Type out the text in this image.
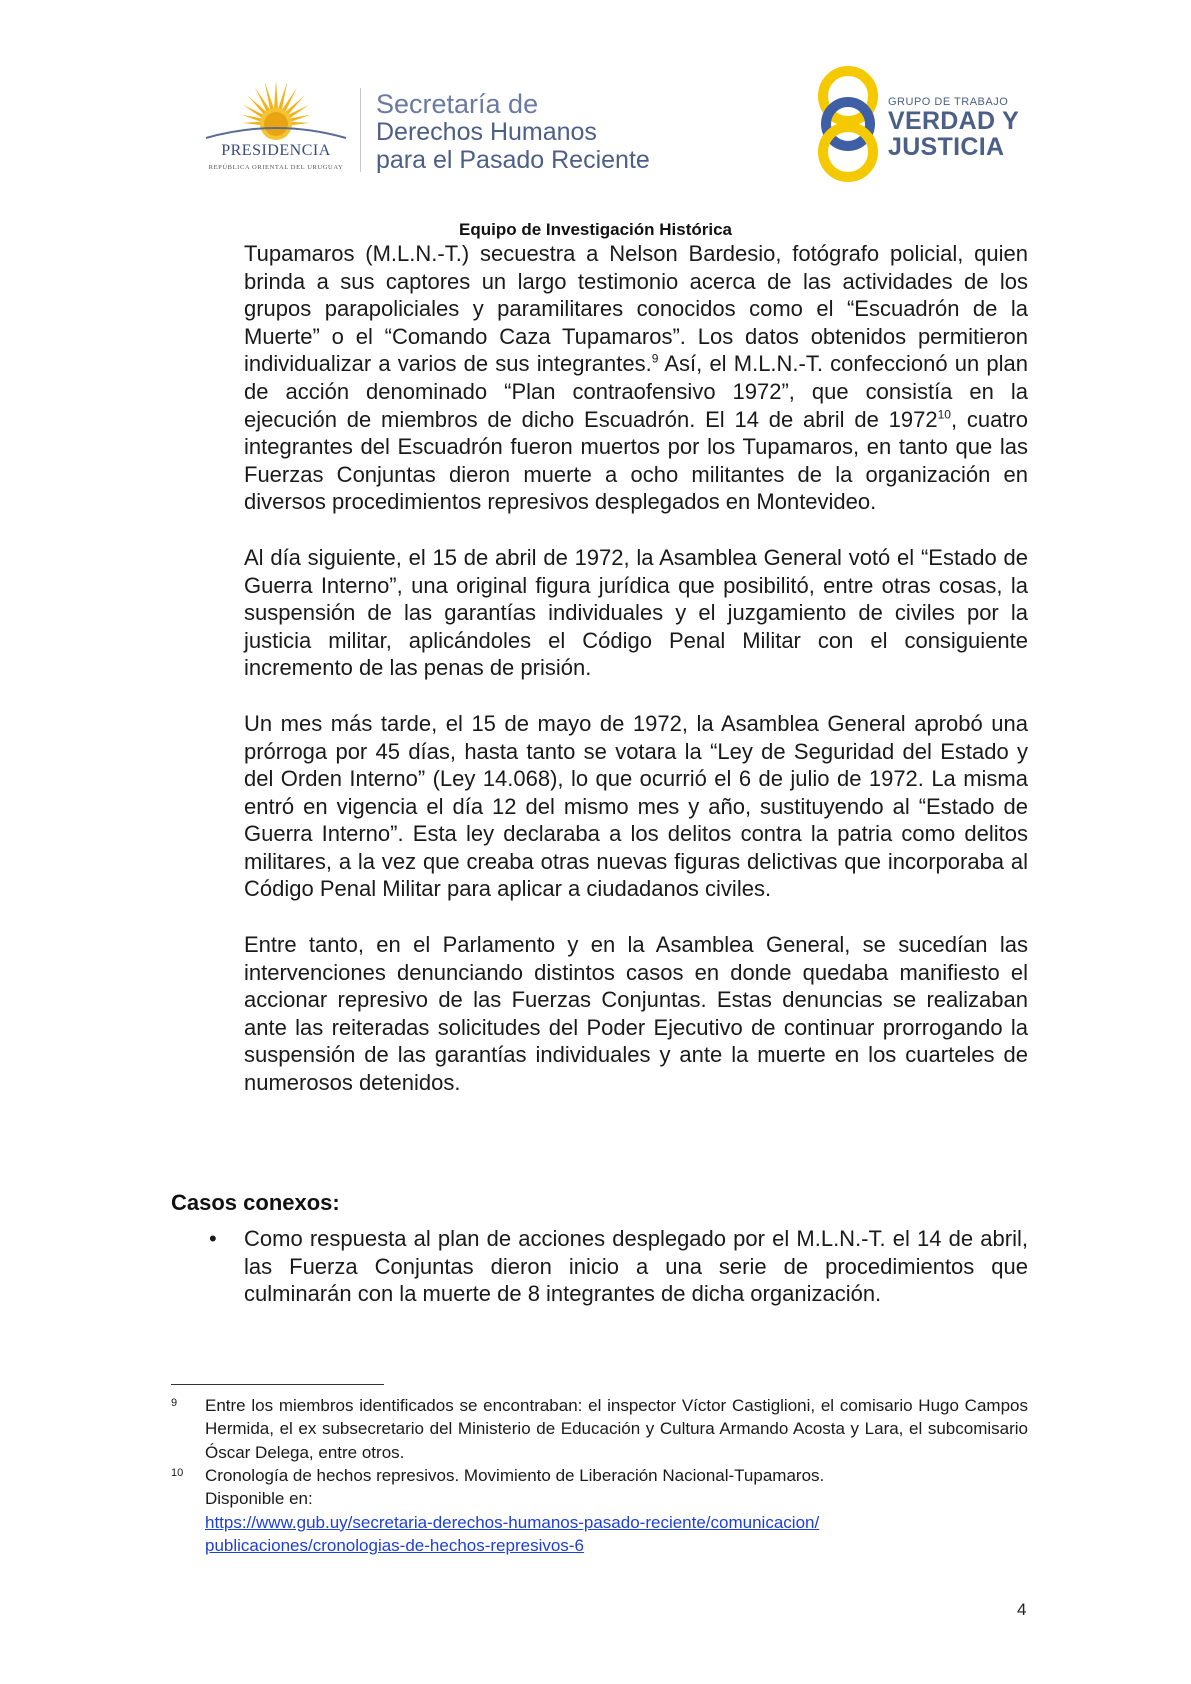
PRESIDENCIA
REPÚBLICA ORIENTAL DEL URUGUAY
Secretaría de
Derechos Humanos
para el Pasado Reciente
GRUPO DE TRABAJO
VERDAD Y
JUSTICIA
Equipo de Investigación Histórica

Tupamaros (M.L.N.-T.) secuestra a Nelson Bardesio, fotógrafo policial, quien brinda a sus captores un largo testimonio acerca de las actividades de los grupos parapoliciales y paramilitares conocidos como el “Escuadrón de la Muerte” o el “Comando Caza Tupamaros”. Los datos obtenidos permitieron individualizar a varios de sus integrantes.$^9$ Así, el M.L.N.-T. confeccionó un plan de acción denominado “Plan contraofensivo 1972”, que consistía en la ejecución de miembros de dicho Escuadrón. El 14 de abril de 1972$^{10}$, cuatro integrantes del Escuadrón fueron muertos por los Tupamaros, en tanto que las Fuerzas Conjuntas dieron muerte a ocho militantes de la organización en diversos procedimientos represivos desplegados en Montevideo.

Al día siguiente, el 15 de abril de 1972, la Asamblea General votó el “Estado de Guerra Interno”, una original figura jurídica que posibilitó, entre otras cosas, la suspensión de las garantías individuales y el juzgamiento de civiles por la justicia militar, aplicándoles el Código Penal Militar con el consiguiente incremento de las penas de prisión.

Un mes más tarde, el 15 de mayo de 1972, la Asamblea General aprobó una prórroga por 45 días, hasta tanto se votara la “Ley de Seguridad del Estado y del Orden Interno” (Ley 14.068), lo que ocurrió el 6 de julio de 1972. La misma entró en vigencia el día 12 del mismo mes y año, sustituyendo al “Estado de Guerra Interno”. Esta ley declaraba a los delitos contra la patria como delitos militares, a la vez que creaba otras nuevas figuras delictivas que incorporaba al Código Penal Militar para aplicar a ciudadanos civiles.

Entre tanto, en el Parlamento y en la Asamblea General, se sucedían las intervenciones denunciando distintos casos en donde quedaba manifiesto el accionar represivo de las Fuerzas Conjuntas. Estas denuncias se realizaban ante las reiteradas solicitudes del Poder Ejecutivo de continuar prorrogando la suspensión de las garantías individuales y ante la muerte en los cuarteles de numerosos detenidos.

Casos conexos:
• Como respuesta al plan de acciones desplegado por el M.L.N.-T. el 14 de abril, las Fuerza Conjuntas dieron inicio a una serie de procedimientos que culminarán con la muerte de 8 integrantes de dicha organización.
9 Entre los miembros identificados se encontraban: el inspector Víctor Castiglioni, el comisario Hugo Campos Hermida, el ex subsecretario del Ministerio de Educación y Cultura Armando Acosta y Lara, el subcomisario Óscar Delega, entre otros.
10 Cronología de hechos represivos. Movimiento de Liberación Nacional-Tupamaros.
Disponible en:
https://www.gub.uy/secretaria-derechos-humanos-pasado-reciente/comunicacion/
publicaciones/cronologias-de-hechos-represivos-6
4
